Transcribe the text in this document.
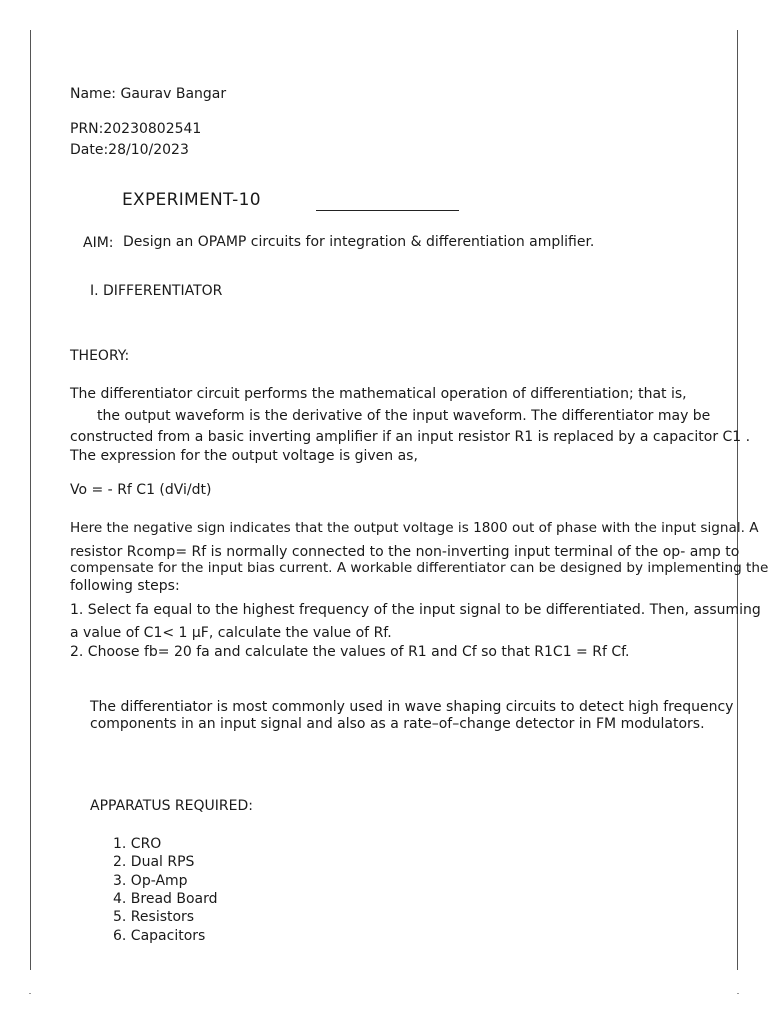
Name: Gaurav Bangar
PRN:20230802541
Date:28/10/2023
EXPERIMENT-10
AIM: Design an OPAMP circuits for integration & differentiation amplifier.
I. DIFFERENTIATOR
THEORY:
The differentiator circuit performs the mathematical operation of differentiation; that is,
the output waveform is the derivative of the input waveform. The differentiator may be
constructed from a basic inverting amplifier if an input resistor R1 is replaced by a capacitor C1 .
The expression for the output voltage is given as,
Vo = - Rf C1 (dVi/dt)
Here the negative sign indicates that the output voltage is 1800 out of phase with the input signal. A
resistor Rcomp= Rf is normally connected to the non-inverting input terminal of the op- amp to
compensate for the input bias current. A workable differentiator can be designed by implementing the
following steps:
1. Select fa equal to the highest frequency of the input signal to be differentiated. Then, assuming
a value of C1< 1 μF, calculate the value of Rf.
2. Choose fb= 20 fa and calculate the values of R1 and Cf so that R1C1 = Rf Cf.
The differentiator is most commonly used in wave shaping circuits to detect high frequency
components in an input signal and also as a rate–of–change detector in FM modulators.
APPARATUS REQUIRED:
1. CRO
2. Dual RPS
3. Op-Amp
4. Bread Board
5. Resistors
6. Capacitors
